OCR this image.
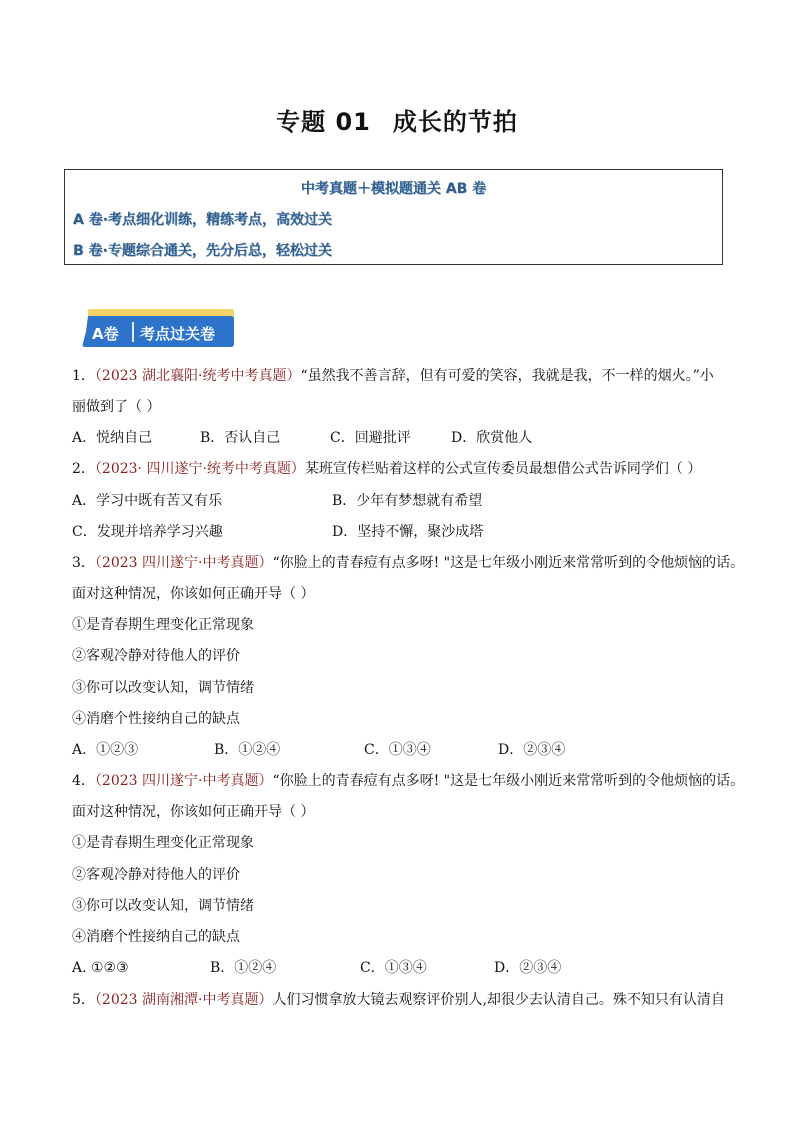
专题 01 成长的节拍
中考真题＋模拟题通关 AB 卷
A 卷·考点细化训练，精练考点，高效过关
B 卷·专题综合通关，先分后总，轻松过关
A卷 考点过关卷
1．（2023 湖北襄阳·统考中考真题）“虽然我不善言辞，但有可爱的笑容，我就是我，不一样的烟火。”小
丽做到了（ ）
A．悦纳自己	B．否认自己	C．回避批评	D．欣赏他人
2．（2023· 四川遂宁·统考中考真题）某班宣传栏贴着这样的公式宣传委员最想借公式告诉同学们（ ）
A．学习中既有苦又有乐	B．少年有梦想就有希望
C．发现并培养学习兴趣	D．坚持不懈，聚沙成塔
3．（2023 四川遂宁·中考真题）“你脸上的青春痘有点多呀! "这是七年级小刚近来常常听到的令他烦恼的话。
面对这种情况，你该如何正确开导（ ）
①是青春期生理变化正常现象
②客观冷静对待他人的评价
③你可以改变认知，调节情绪
④消磨个性接纳自己的缺点
A．①②③	B．①②④	C．①③④	D．②③④
4．（2023 四川遂宁·中考真题）“你脸上的青春痘有点多呀! "这是七年级小刚近来常常听到的令他烦恼的话。
面对这种情况，你该如何正确开导（ ）
①是青春期生理变化正常现象
②客观冷静对待他人的评价
③你可以改变认知，调节情绪
④消磨个性接纳自己的缺点
A. ①②③	B．①②④	C．①③④	D．②③④
5．（2023 湖南湘潭·中考真题）人们习惯拿放大镜去观察评价别人,却很少去认清自己。殊不知只有认清自
